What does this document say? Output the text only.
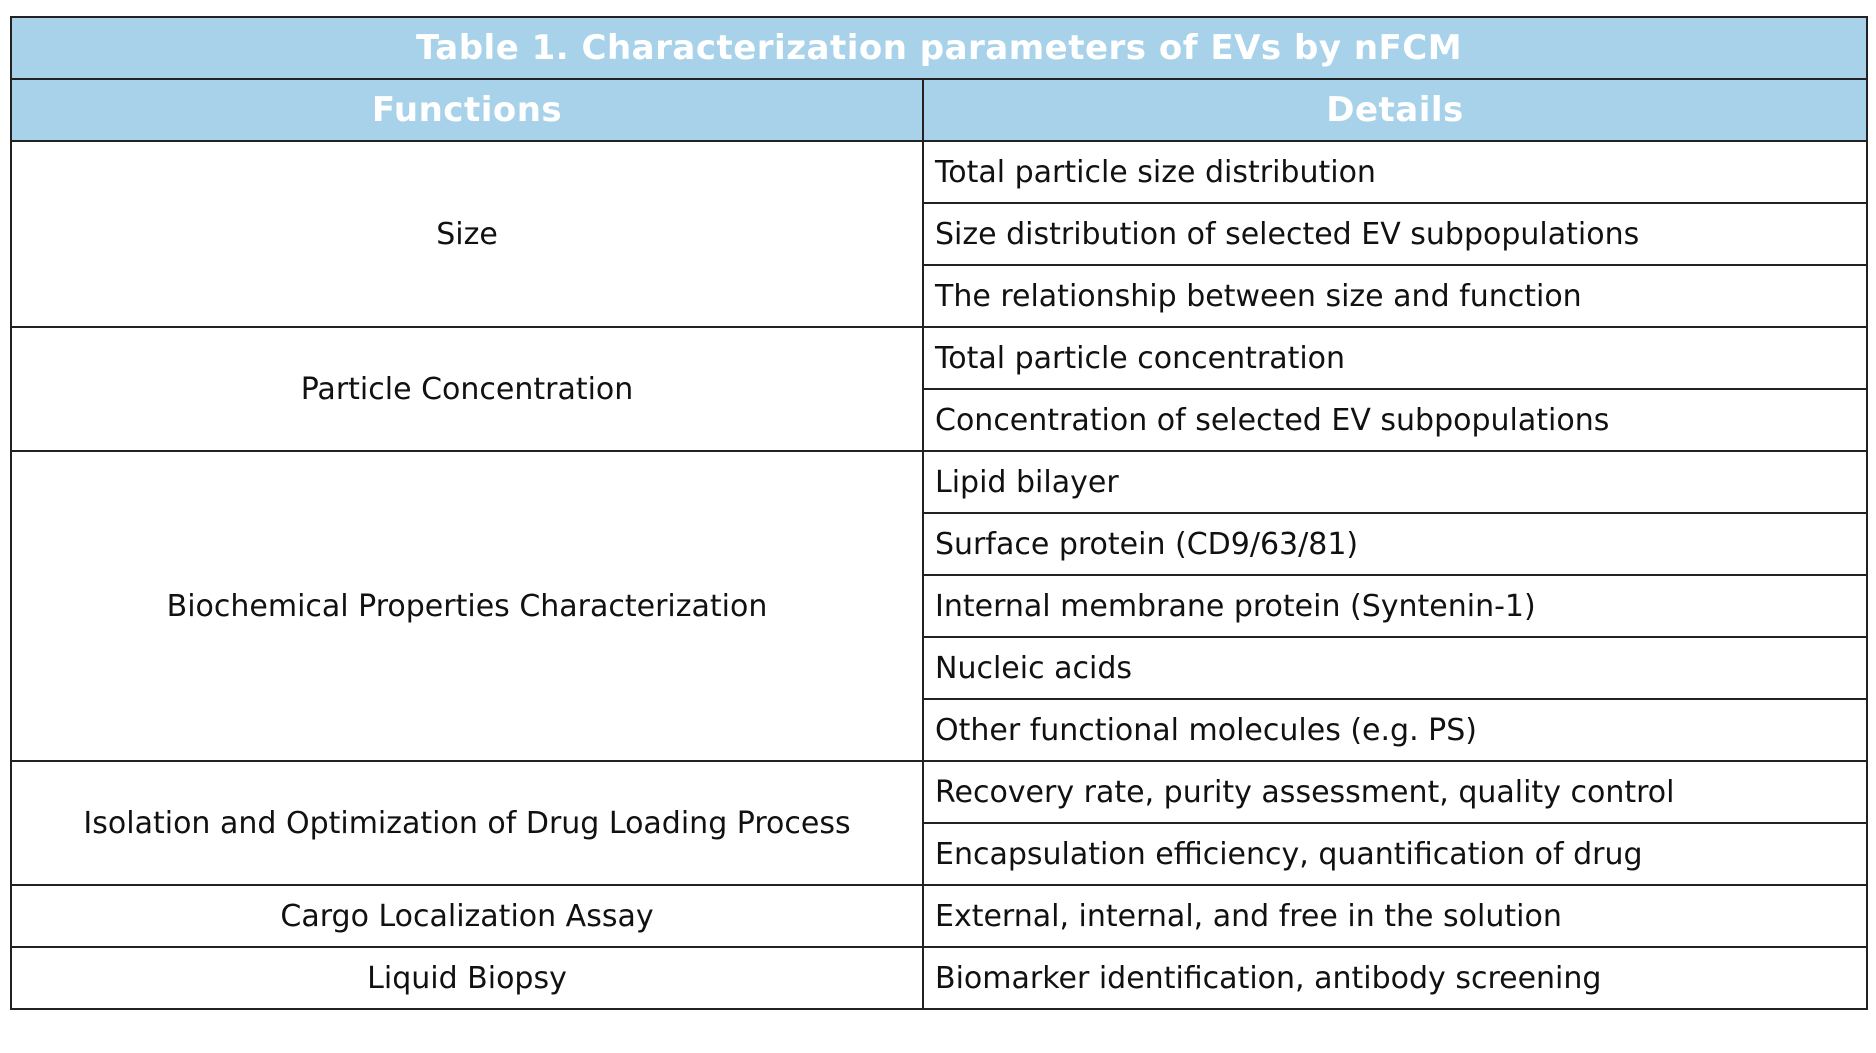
Table 1. Characterization parameters of EVs by nFCM	
Functions	Details
Size	Total particle size distribution
	Size distribution of selected EV subpopulations
	The relationship between size and function
Particle Concentration	Total particle concentration
	Concentration of selected EV subpopulations
Biochemical Properties Characterization	Lipid bilayer
	Surface protein (CD9/63/81)
	Internal membrane protein (Syntenin-1)
	Nucleic acids
	Other functional molecules (e.g. PS)
Isolation and Optimization of Drug Loading Process	Recovery rate, purity assessment, quality control
	Encapsulation efficiency, quantification of drug
Cargo Localization Assay	External, internal, and free in the solution
Liquid Biopsy	Biomarker identification, antibody screening
